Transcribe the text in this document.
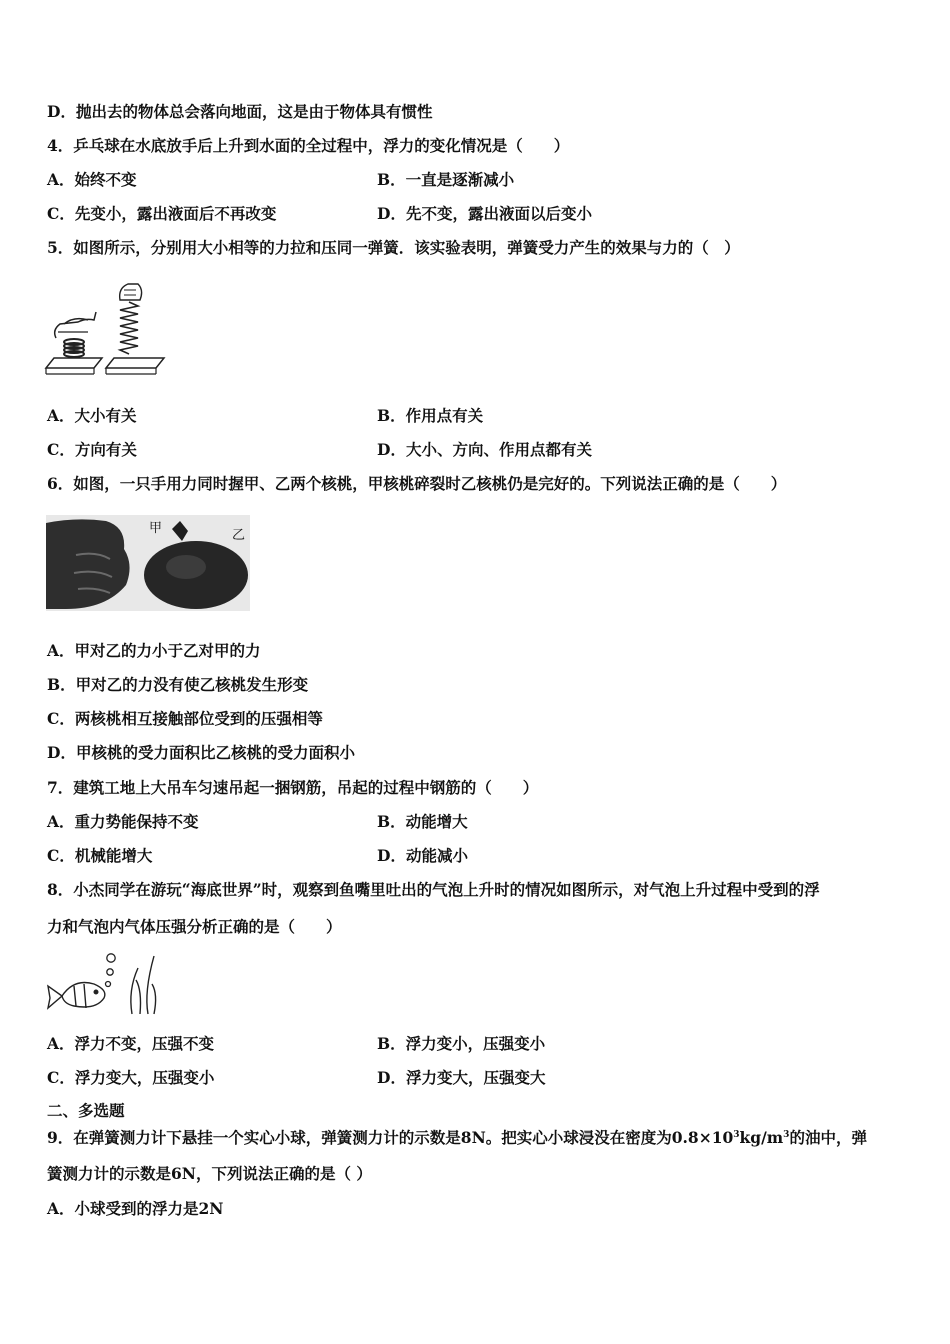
D．抛出去的物体总会落向地面，这是由于物体具有惯性
4．乒乓球在水底放手后上升到水面的全过程中，浮力的变化情况是（　　）
A．始终不变	B．一直是逐渐减小
C．先变小，露出液面后不再改变	D．先不变，露出液面以后变小
5．如图所示，分别用大小相等的力拉和压同一弹簧．该实验表明，弹簧受力产生的效果与力的（　）
A．大小有关	B．作用点有关
C．方向有关	D．大小、方向、作用点都有关
6．如图，一只手用力同时握甲、乙两个核桃，甲核桃碎裂时乙核桃仍是完好的。下列说法正确的是（　　）
甲	乙
A．甲对乙的力小于乙对甲的力
B．甲对乙的力没有使乙核桃发生形变
C．两核桃相互接触部位受到的压强相等
D．甲核桃的受力面积比乙核桃的受力面积小
7．建筑工地上大吊车匀速吊起一捆钢筋，吊起的过程中钢筋的（　　）
A．重力势能保持不变	B．动能增大
C．机械能增大	D．动能减小
8．小杰同学在游玩“海底世界”时，观察到鱼嘴里吐出的气泡上升时的情况如图所示，对气泡上升过程中受到的浮
力和气泡内气体压强分析正确的是（　　）
A．浮力不变，压强不变	B．浮力变小，压强变小
C．浮力变大，压强变小	D．浮力变大，压强变大
二、多选题
9．在弹簧测力计下悬挂一个实心小球，弹簧测力计的示数是8N。把实心小球浸没在密度为$0.8\times 10^3kg/m^3$的油中，弹
簧测力计的示数是6N，下列说法正确的是（ ）
A．小球受到的浮力是2N
